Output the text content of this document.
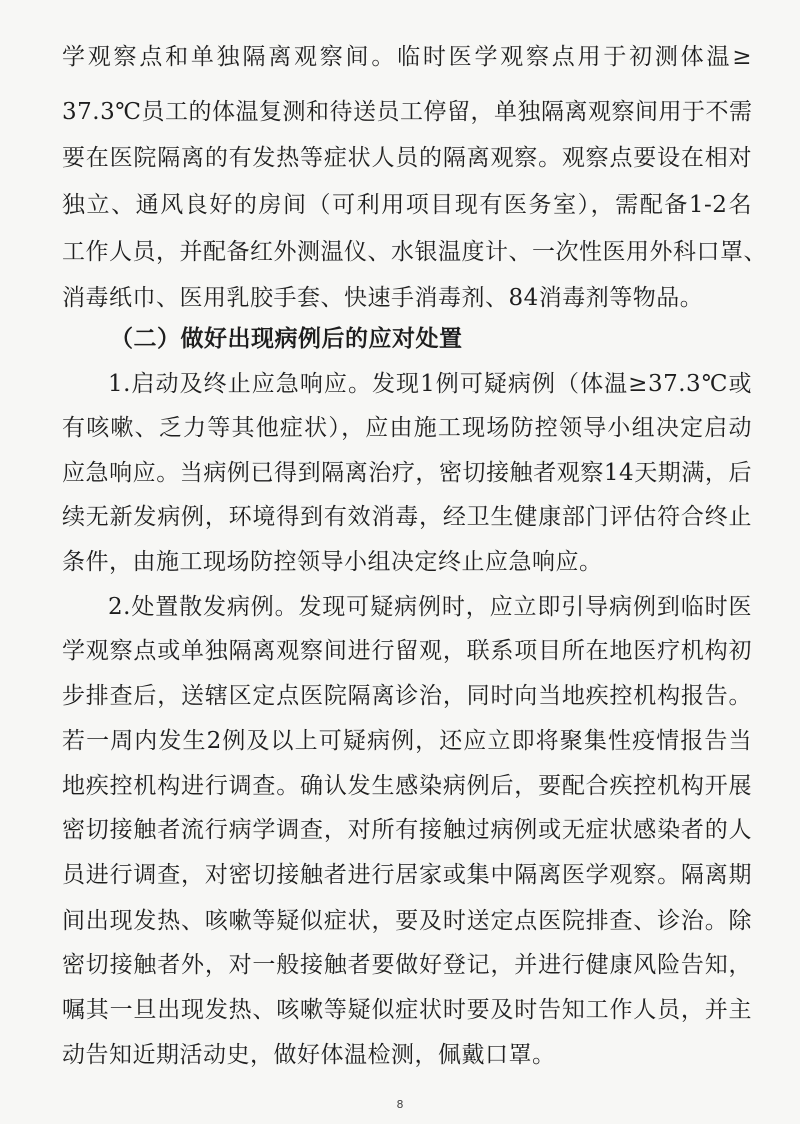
学观察点和单独隔离观察间。临时医学观察点用于初测体温≥
37.3℃员工的体温复测和待送员工停留，单独隔离观察间用于不需
要在医院隔离的有发热等症状人员的隔离观察。观察点要设在相对
独立、通风良好的房间（可利用项目现有医务室），需配备1-2名
工作人员，并配备红外测温仪、水银温度计、一次性医用外科口罩、
消毒纸巾、医用乳胶手套、快速手消毒剂、84消毒剂等物品。
（二）做好出现病例后的应对处置
1.启动及终止应急响应。发现1例可疑病例（体温≥37.3℃或
有咳嗽、乏力等其他症状），应由施工现场防控领导小组决定启动
应急响应。当病例已得到隔离治疗，密切接触者观察14天期满，后
续无新发病例，环境得到有效消毒，经卫生健康部门评估符合终止
条件，由施工现场防控领导小组决定终止应急响应。
2.处置散发病例。发现可疑病例时，应立即引导病例到临时医
学观察点或单独隔离观察间进行留观，联系项目所在地医疗机构初
步排查后，送辖区定点医院隔离诊治，同时向当地疾控机构报告。
若一周内发生2例及以上可疑病例，还应立即将聚集性疫情报告当
地疾控机构进行调查。确认发生感染病例后，要配合疾控机构开展
密切接触者流行病学调查，对所有接触过病例或无症状感染者的人
员进行调查，对密切接触者进行居家或集中隔离医学观察。隔离期
间出现发热、咳嗽等疑似症状，要及时送定点医院排查、诊治。除
密切接触者外，对一般接触者要做好登记，并进行健康风险告知，
嘱其一旦出现发热、咳嗽等疑似症状时要及时告知工作人员，并主
动告知近期活动史，做好体温检测，佩戴口罩。
8
